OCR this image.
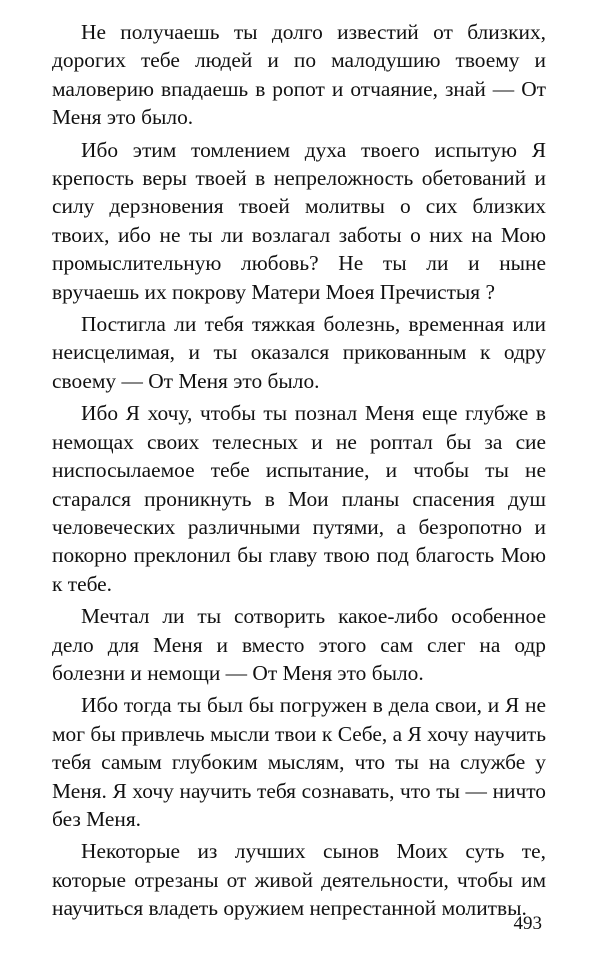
Не получаешь ты долго известий от близких, дорогих тебе людей и по малодушию твоему и маловерию впадаешь в ропот и отчаяние, знай — От Меня это было.

Ибо этим томлением духа твоего испытую Я крепость веры твоей в непреложность обетований и силу дерзновения твоей молитвы о сих близких твоих, ибо не ты ли возлагал заботы о них на Мою промыслительную любовь? Не ты ли и ныне вручаешь их покрову Матери Моея Пречистыя ?

Постигла ли тебя тяжкая болезнь, временная или неисцелимая, и ты оказался прикованным к одру своему — От Меня это было.

Ибо Я хочу, чтобы ты познал Меня еще глубже в немощах своих телесных и не роптал бы за сие ниспосылаемое тебе испытание, и чтобы ты не старался проникнуть в Мои планы спасения душ человеческих различными путями, а безропотно и покорно преклонил бы главу твою под благость Мою к тебе.

Мечтал ли ты сотворить какое-либо особенное дело для Меня и вместо этого сам слег на одр болезни и немощи — От Меня это было.

Ибо тогда ты был бы погружен в дела свои, и Я не мог бы привлечь мысли твои к Себе, а Я хочу научить тебя самым глубоким мыслям, что ты на службе у Меня. Я хочу научить тебя сознавать, что ты — ничто без Меня.

Некоторые из лучших сынов Моих суть те, которые отрезаны от живой деятельности, чтобы им научиться владеть оружием непрестанной молитвы.

493
